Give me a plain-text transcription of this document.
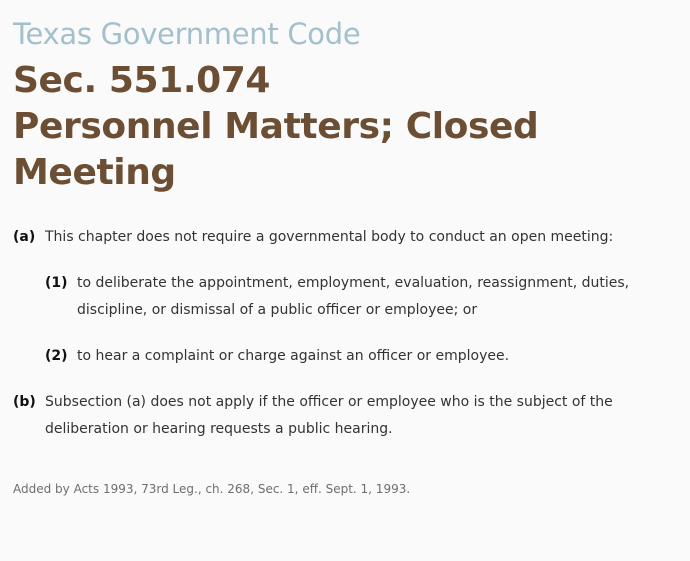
Texas Government Code
Sec. 551.074
Personnel Matters; Closed Meeting
(a) This chapter does not require a governmental body to conduct an open meeting:
(1) to deliberate the appointment, employment, evaluation, reassignment, duties, discipline, or dismissal of a public officer or employee; or
(2) to hear a complaint or charge against an officer or employee.
(b) Subsection (a) does not apply if the officer or employee who is the subject of the deliberation or hearing requests a public hearing.
Added by Acts 1993, 73rd Leg., ch. 268, Sec. 1, eff. Sept. 1, 1993.
